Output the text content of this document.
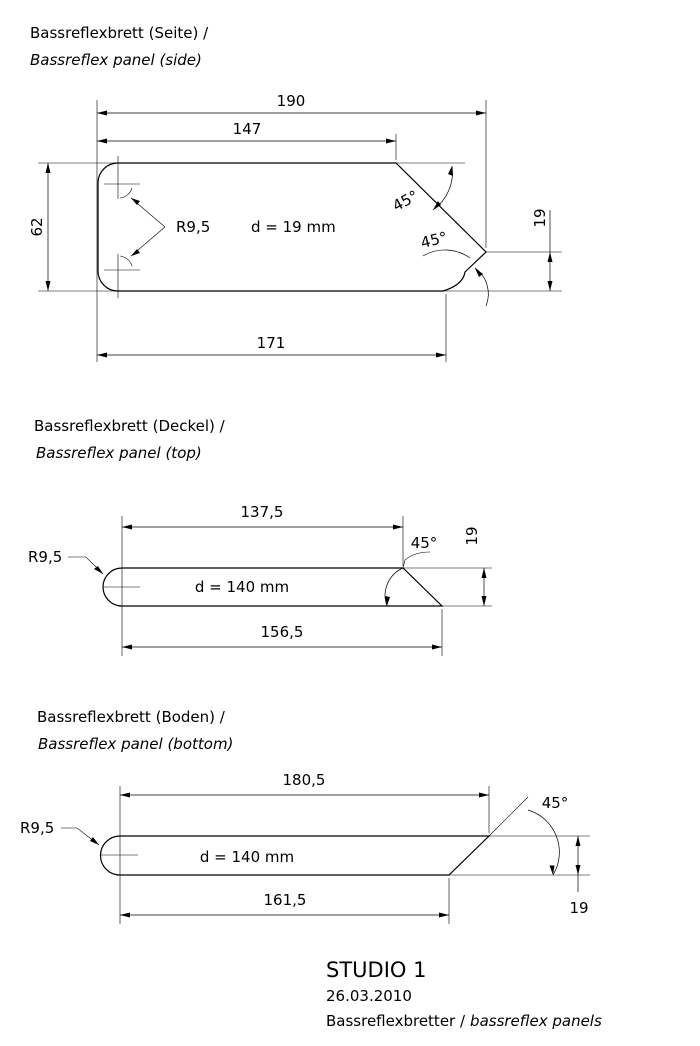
Bassreflexbrett (Seite) /
Bassreflex panel (side)
R9,5	d = 19 mm
190
147
62
171
19
45°
45°
Bassreflexbrett (Deckel) /
Bassreflex panel (top)
R9,5
d = 140 mm
137,5
156,5
19
45°
Bassreflexbrett (Boden) /
Bassreflex panel (bottom)
R9,5
d = 140 mm
180,5
161,5	19
45°
STUDIO 1
26.03.2010
Bassreflexbretter / bassreflex panels
